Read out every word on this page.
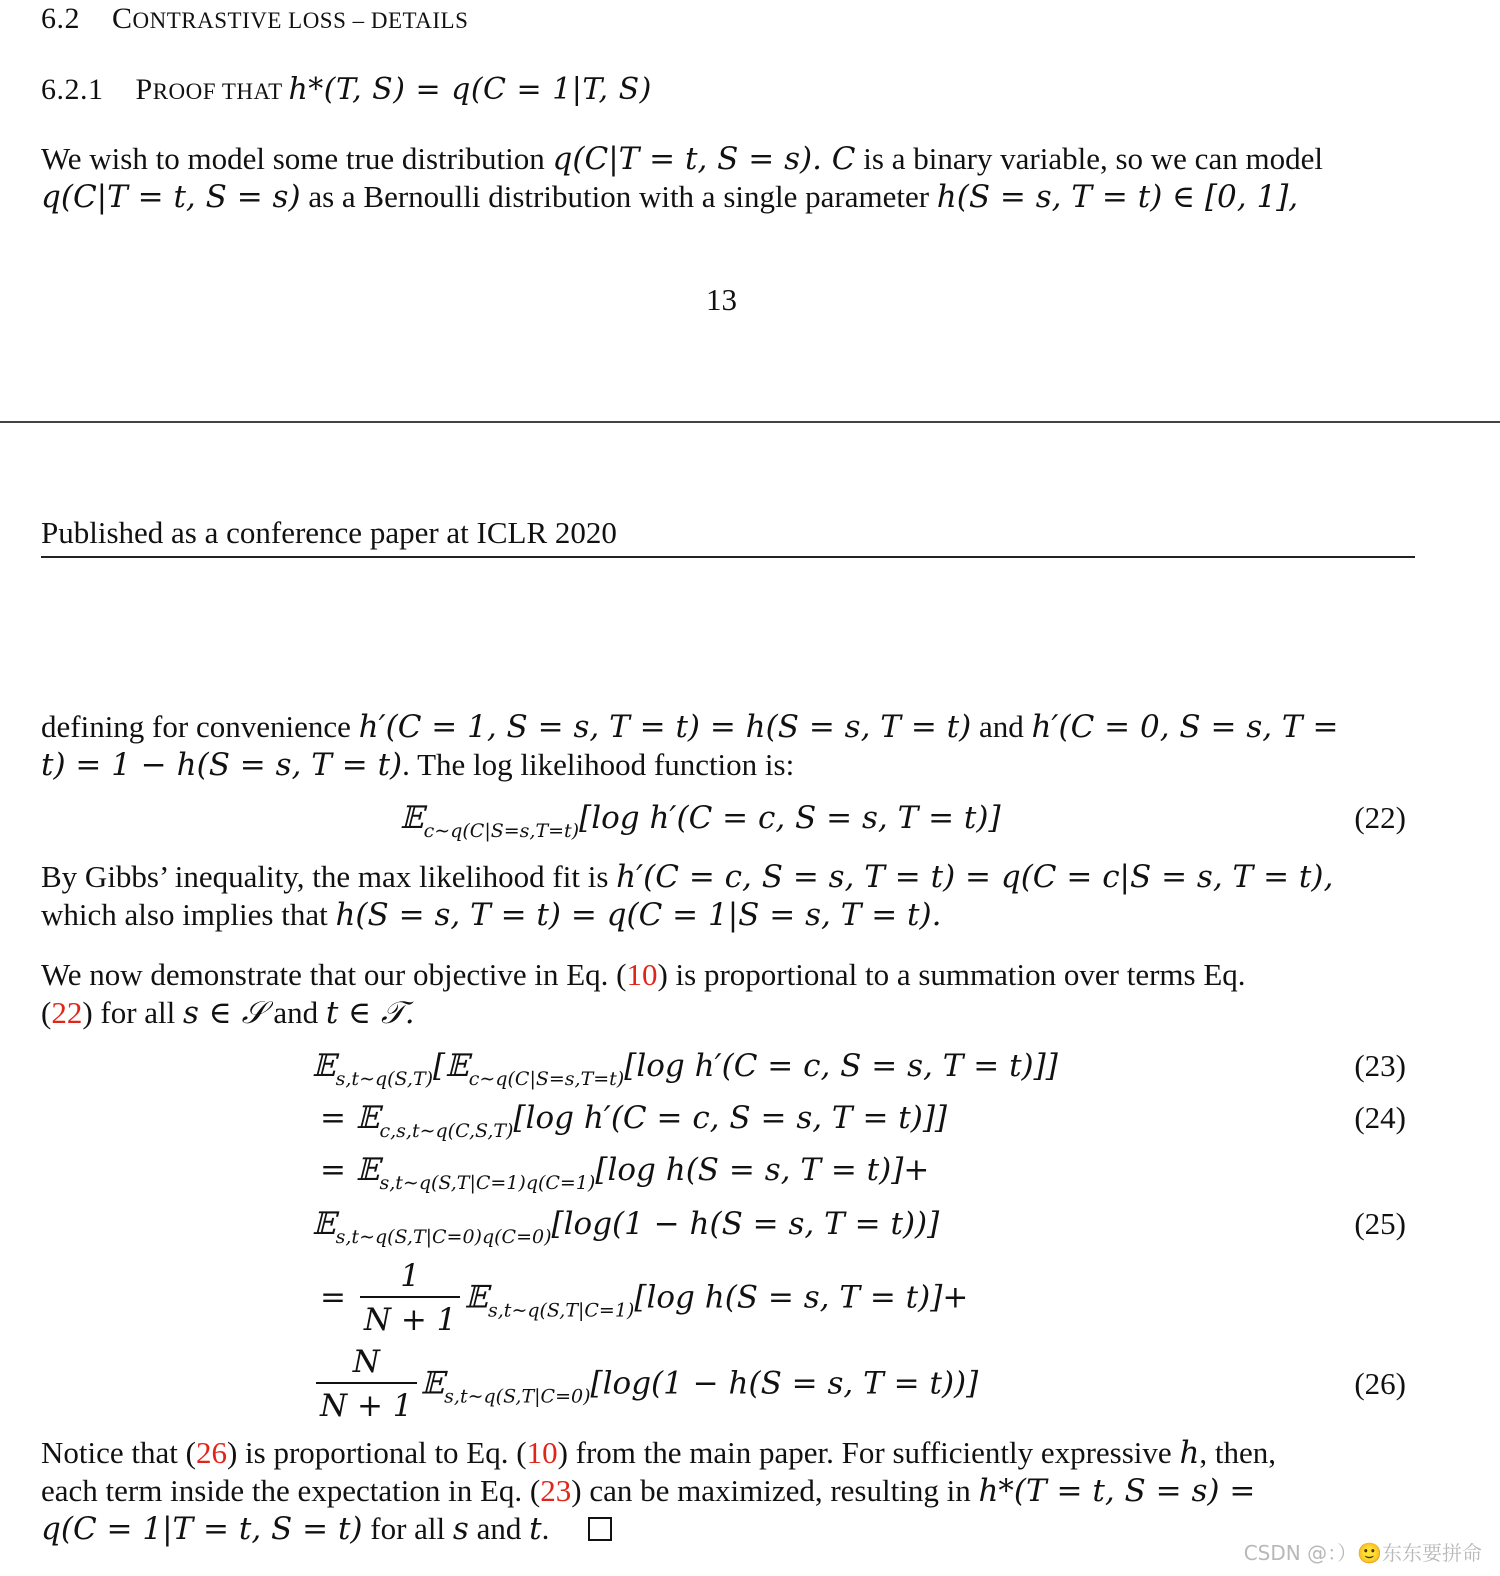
6.2 CONTRASTIVE LOSS – DETAILS
6.2.1 PROOF THAT h*(T, S) = q(C = 1|T, S)
We wish to model some true distribution q(C|T = t, S = s). C is a binary variable, so we can model
q(C|T = t, S = s) as a Bernoulli distribution with a single parameter h(S = s, T = t) ∈ [0, 1],
13
Published as a conference paper at ICLR 2020
defining for convenience h′(C = 1, S = s, T = t) = h(S = s, T = t) and h′(C = 0, S = s, T =
t) = 1 − h(S = s, T = t). The log likelihood function is:
𝔼$_{c\sim q(C|S=s,T=t)}$[log h′(C = c, S = s, T = t)]	(22)
By Gibbs’ inequality, the max likelihood fit is h′(C = c, S = s, T = t) = q(C = c|S = s, T = t),
which also implies that h(S = s, T = t) = q(C = 1|S = s, T = t).
We now demonstrate that our objective in Eq. (10) is proportional to a summation over terms Eq.
(22) for all s ∈ 𝒮 and t ∈ 𝒯.
𝔼$_{s,t\sim q(S,T)}$[𝔼$_{c\sim q(C|S=s,T=t)}$[log h′(C = c, S = s, T = t)]]	(23)
= 𝔼$_{c,s,t\sim q(C,S,T)}$[log h′(C = c, S = s, T = t)]]	(24)
= 𝔼$_{s,t\sim q(S,T|C=1)q(C=1)}$[log h(S = s, T = t)]+
𝔼$_{s,t\sim q(S,T|C=0)q(C=0)}$[log(1 − h(S = s, T = t))]	(25)
= $\frac{1}{N + 1}$ 𝔼$_{s,t\sim q(S,T|C=1)}$[log h(S = s, T = t)]+
$\frac{N}{N + 1}$ 𝔼$_{s,t\sim q(S,T|C=0)}$[log(1 − h(S = s, T = t))]	(26)
Notice that (26) is proportional to Eq. (10) from the main paper. For sufficiently expressive h, then,
each term inside the expectation in Eq. (23) can be maximized, resulting in h*(T = t, S = s) =
q(C = 1|T = t, S = t) for all s and t.
CSDN @：）🙂东东要拼命
